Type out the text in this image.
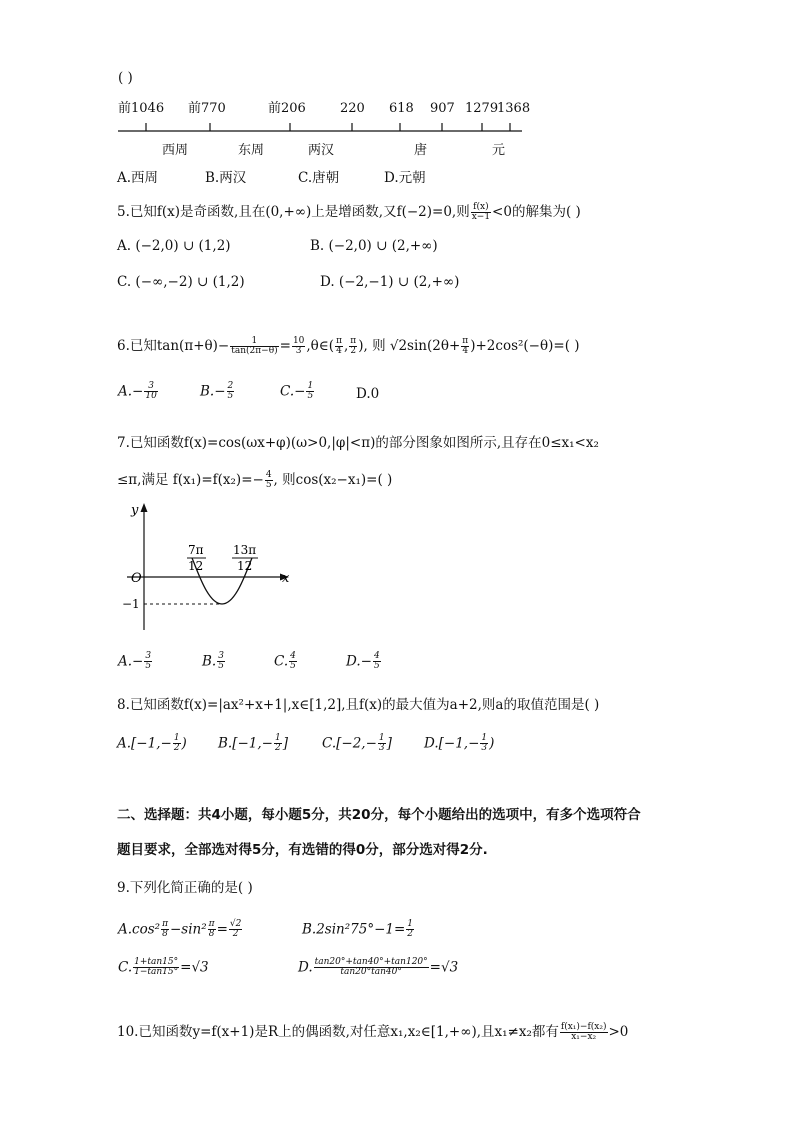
( )
前1046 前770	前206	220 618 907 1279
1368
西周	东周	两汉	唐	元
A.西周	B.两汉	C.唐朝	D.元朝
5.已知f(x)是奇函数,且在(0,+∞)上是增函数,又f(−2)=0,则 $\frac{f(x)}{x-1} <0$的解集为( )
A. (−2,0) ∪ (1,2)	B. (−2,0) ∪ (2,+∞)
C. (−∞,−2) ∪ (1,2)	D. (−2,−1) ∪ (2,+∞)
6.已知$\tan(\pi+\theta)- \frac{1}{\tan(2\pi-\theta)} = \frac{10}{3}$ ,θ∈( $\frac{\pi}{4}$ , $\frac{\pi}{2}$ ), 则 $√2\sin(2\theta+ \frac{\pi}{4} )+2\cos^2(-\theta)=$( )
$A.- \frac{3}{10}$	$B.- \frac{2}{5}$	$C.- \frac{1}{5}$	D.0
7.已知函数f(x)=cos(ωx+φ)(ω>0,|φ|<π)的部分图象如图所示,且存在0≤x₁<x₂
≤π,满足 $f(x_1)=f(x_2)=- \frac{4}{5}$ , 则cos(x₂−x₁)=( )
y
x
O
−1
7π
12
13π
12
$A.- \frac{3}{5}$	B. $\frac{3}{5}$	C. $\frac{4}{5}$	$D.- \frac{4}{5}$
8.已知函数f(x)=|ax²+x+1|,x∈[1,2],且f(x)的最大值为a+2,则a的取值范围是( )
$A.[-1,- \frac{1}{2}$ ) $B.[-1,- \frac{1}{2}$ ]	$C.[-2,- \frac{1}{3}$ ] $D.[-1,- \frac{1}{3}$ )
二、选择题：共4小题，每小题5分，共20分，每个小题给出的选项中，有多个选项符合
题目要求，全部选对得5分，有选错的得0分，部分选对得2分.
9.下列化简正确的是( )
$A.\cos^2 \frac{\pi}{8} -\sin^2 \frac{\pi}{8} = \frac{√2}{2}$	$B.2\sin^275^\circ-1= \frac{1}{2}$
C. $\frac{1+\tan 15^\circ}{1-\tan 15^\circ} =√3$	D. $\frac{\tan 20^\circ+\tan 40^\circ+\tan 120^\circ}{\tan 20^\circ\tan 40^\circ} =√3$
10.已知函数y=f(x+1)是R上的偶函数,对任意x₁,x₂∈[1,+∞),且x₁≠x₂都有 $\frac{\text{f(x₁)−f(x₂)}}{\text{x₁−x₂}} >0$
